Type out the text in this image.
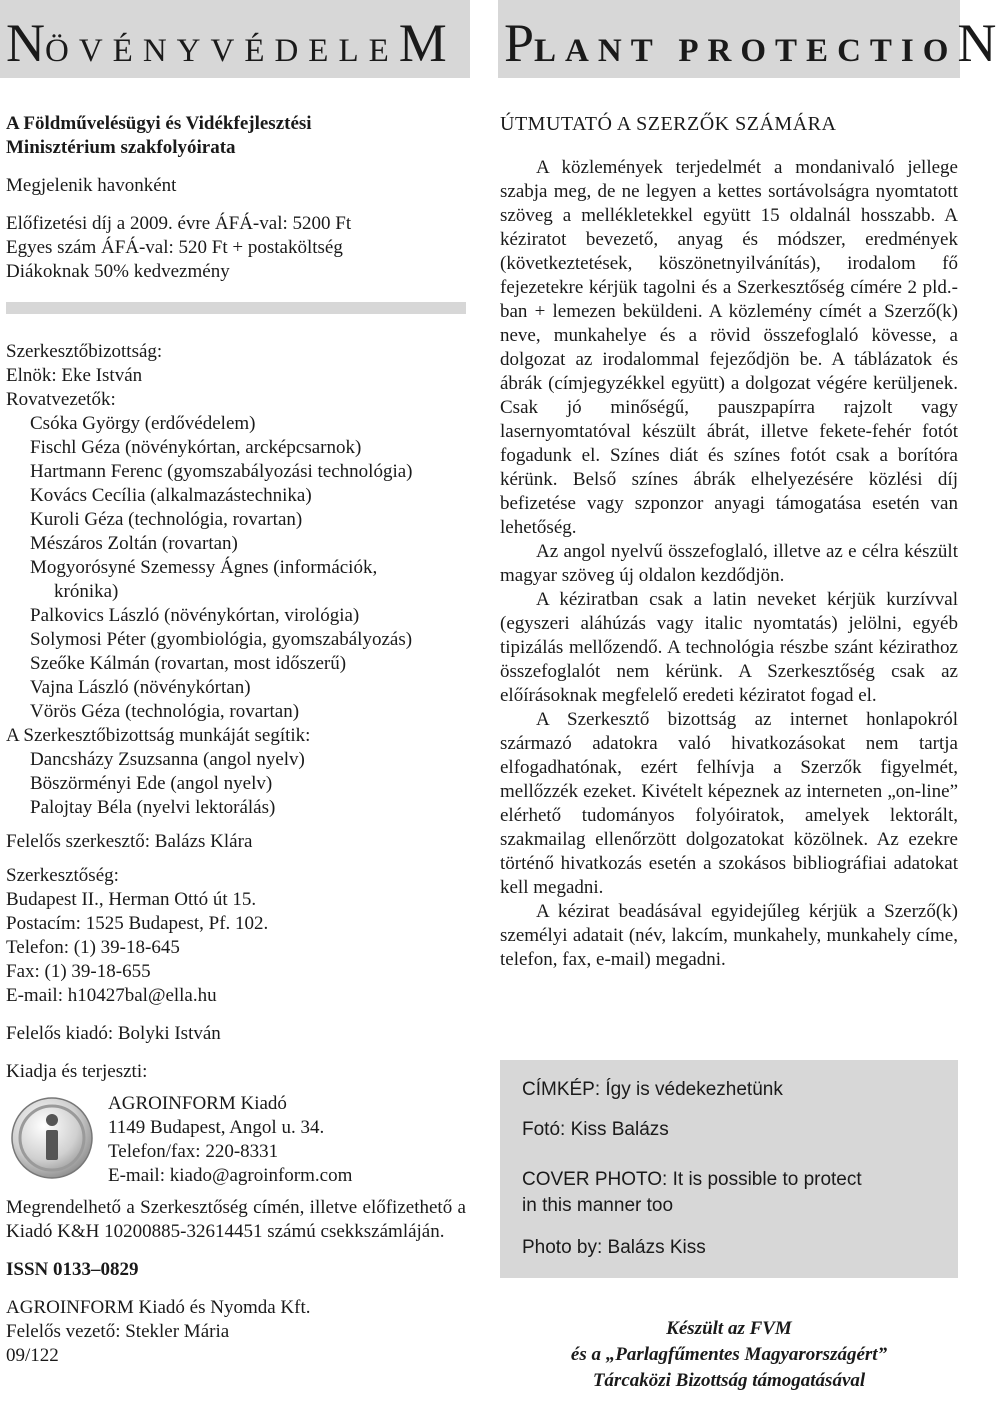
NÖVÉNYVÉDELEM PLANT PROTECTION
A Földművelésügyi és Vidékfejlesztési
Minisztérium szakfolyóirata
Megjelenik havonként
Előfizetési díj a 2009. évre ÁFÁ-val: 5200 Ft
Egyes szám ÁFÁ-val: 520 Ft + postaköltség
Diákoknak 50% kedvezmény
Szerkesztőbizottság:
Elnök: Eke István
Rovatvezetők:
Csóka György (erdővédelem)
Fischl Géza (növénykórtan, arcképcsarnok)
Hartmann Ferenc (gyomszabályozási technológia)
Kovács Cecília (alkalmazástechnika)
Kuroli Géza (technológia, rovartan)
Mészáros Zoltán (rovartan)
Mogyorósyné Szemessy Ágnes (információk,
krónika)
Palkovics László (növénykórtan, virológia)
Solymosi Péter (gyombiológia, gyomszabályozás)
Szeőke Kálmán (rovartan, most időszerű)
Vajna László (növénykórtan)
Vörös Géza (technológia, rovartan)
A Szerkesztőbizottság munkáját segítik:
Dancsházy Zsuzsanna (angol nyelv)
Böszörményi Ede (angol nyelv)
Palojtay Béla (nyelvi lektorálás)
Felelős szerkesztő: Balázs Klára
Szerkesztőség:
Budapest II., Herman Ottó út 15.
Postacím: 1525 Budapest, Pf. 102.
Telefon: (1) 39-18-645
Fax: (1) 39-18-655
E-mail: h10427bal@ella.hu
Felelős kiadó: Bolyki István
Kiadja és terjeszti:
AGROINFORM Kiadó
1149 Budapest, Angol u. 34.
Telefon/fax: 220-8331
E-mail: kiado@agroinform.com
Megrendelhető a Szerkesztőség címén, illetve előfizethető a Kiadó K&H 10200885-32614451 számú csekkszámláján.
ISSN 0133–0829
AGROINFORM Kiadó és Nyomda Kft.
Felelős vezető: Stekler Mária
09/122
ÚTMUTATÓ A SZERZŐK SZÁMÁRA

A közlemények terjedelmét a mondanivaló jellege szabja meg, de ne legyen a kettes sortávolságra nyomtatott szöveg a mellékletekkel együtt 15 oldalnál hosszabb. A kéziratot bevezető, anyag és módszer, eredmények (következtetések, köszönetnyilvánítás), irodalom fő fejezetekre kérjük tagolni és a Szerkesztőség címére 2 pld.-ban + lemezen beküldeni. A közlemény címét a Szerző(k) neve, munkahelye és a rövid összefoglaló kövesse, a dolgozat az irodalommal fejeződjön be. A táblázatok és ábrák (címjegyzékkel együtt) a dolgozat végére kerüljenek. Csak jó minőségű, pauszpapírra rajzolt vagy lasernyomtatóval készült ábrát, illetve fekete-fehér fotót fogadunk el. Színes diát és színes fotót csak a borítóra kérünk. Belső színes ábrák elhelyezésére közlési díj befizetése vagy szponzor anyagi támogatása esetén van lehetőség.

Az angol nyelvű összefoglaló, illetve az e célra készült magyar szöveg új oldalon kezdődjön.

A kéziratban csak a latin neveket kérjük kurzívval (egyszeri aláhúzás vagy italic nyomtatás) jelölni, egyéb tipizálás mellőzendő. A technológia részbe szánt kézirathoz összefoglalót nem kérünk. A Szerkesztőség csak az előírásoknak megfelelő eredeti kéziratot fogad el.

A Szerkesztő bizottság az internet honlapokról származó adatokra való hivatkozásokat nem tartja elfogadhatónak, ezért felhívja a Szerzők figyelmét, mellőzzék ezeket. Kivételt képeznek az interneten „on-line” elérhető tudományos folyóiratok, amelyek lektorált, szakmailag ellenőrzött dolgozatokat közölnek. Az ezekre történő hivatkozás esetén a szokásos bibliográfiai adatokat kell megadni.

A kézirat beadásával egyidejűleg kérjük a Szerző(k) személyi adatait (név, lakcím, munkahely, munkahely címe, telefon, fax, e-mail) megadni.

CÍMKÉP: Így is védekezhetünk
Fotó: Kiss Balázs
COVER PHOTO: It is possible to protect
in this manner too
Photo by: Balázs Kiss
Készült az FVM
és a „Parlagfűmentes Magyarországért”
Tárcaközi Bizottság támogatásával
